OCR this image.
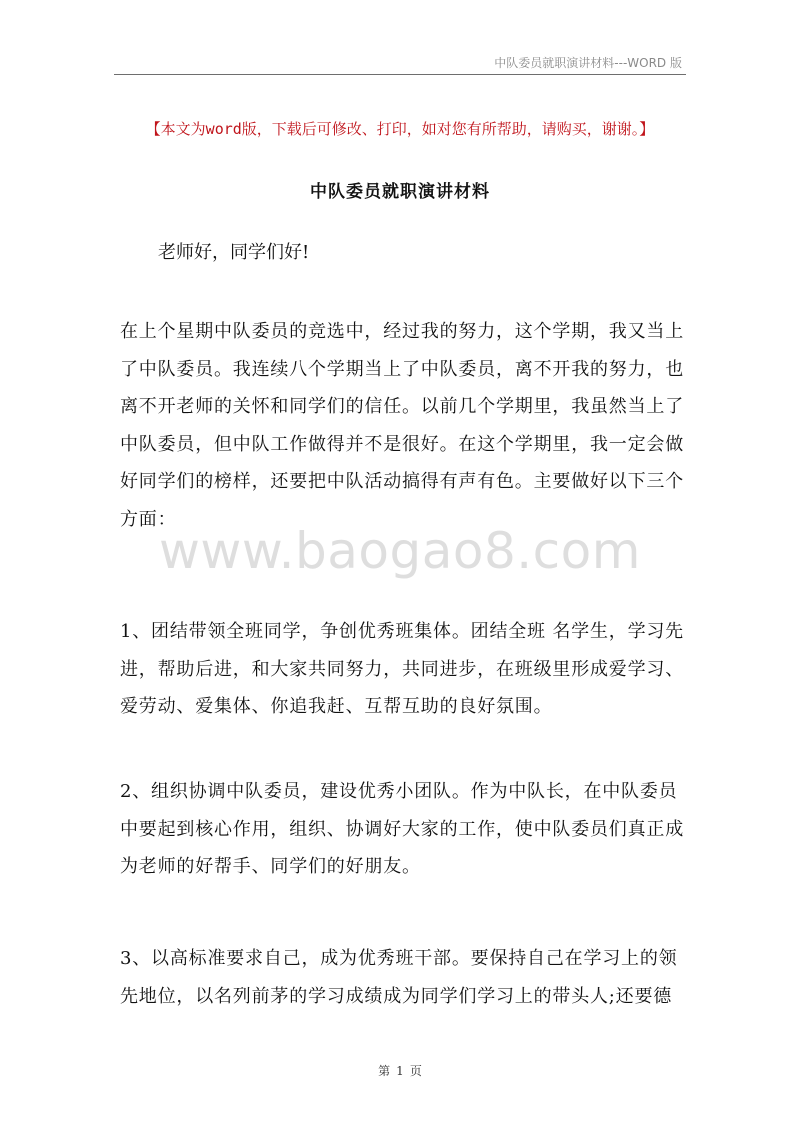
中队委员就职演讲材料---WORD 版
【本文为word版，下载后可修改、打印，如对您有所帮助，请购买，谢谢。】
中队委员就职演讲材料
老师好，同学们好!

在上个星期中队委员的竞选中，经过我的努力，这个学期，我又当上了中队委员。我连续八个学期当上了中队委员，离不开我的努力，也离不开老师的关怀和同学们的信任。以前几个学期里，我虽然当上了中队委员，但中队工作做得并不是很好。在这个学期里，我一定会做好同学们的榜样，还要把中队活动搞得有声有色。主要做好以下三个方面：

www.baogao8.com

1、团结带领全班同学，争创优秀班集体。团结全班 名学生，学习先进，帮助后进，和大家共同努力，共同进步，在班级里形成爱学习、爱劳动、爱集体、你追我赶、互帮互助的良好氛围。

2、组织协调中队委员，建设优秀小团队。作为中队长，在中队委员中要起到核心作用，组织、协调好大家的工作，使中队委员们真正成为老师的好帮手、同学们的好朋友。

3、以高标准要求自己，成为优秀班干部。要保持自己在学习上的领先地位，以名列前茅的学习成绩成为同学们学习上的带头人;还要德

第 1 页
